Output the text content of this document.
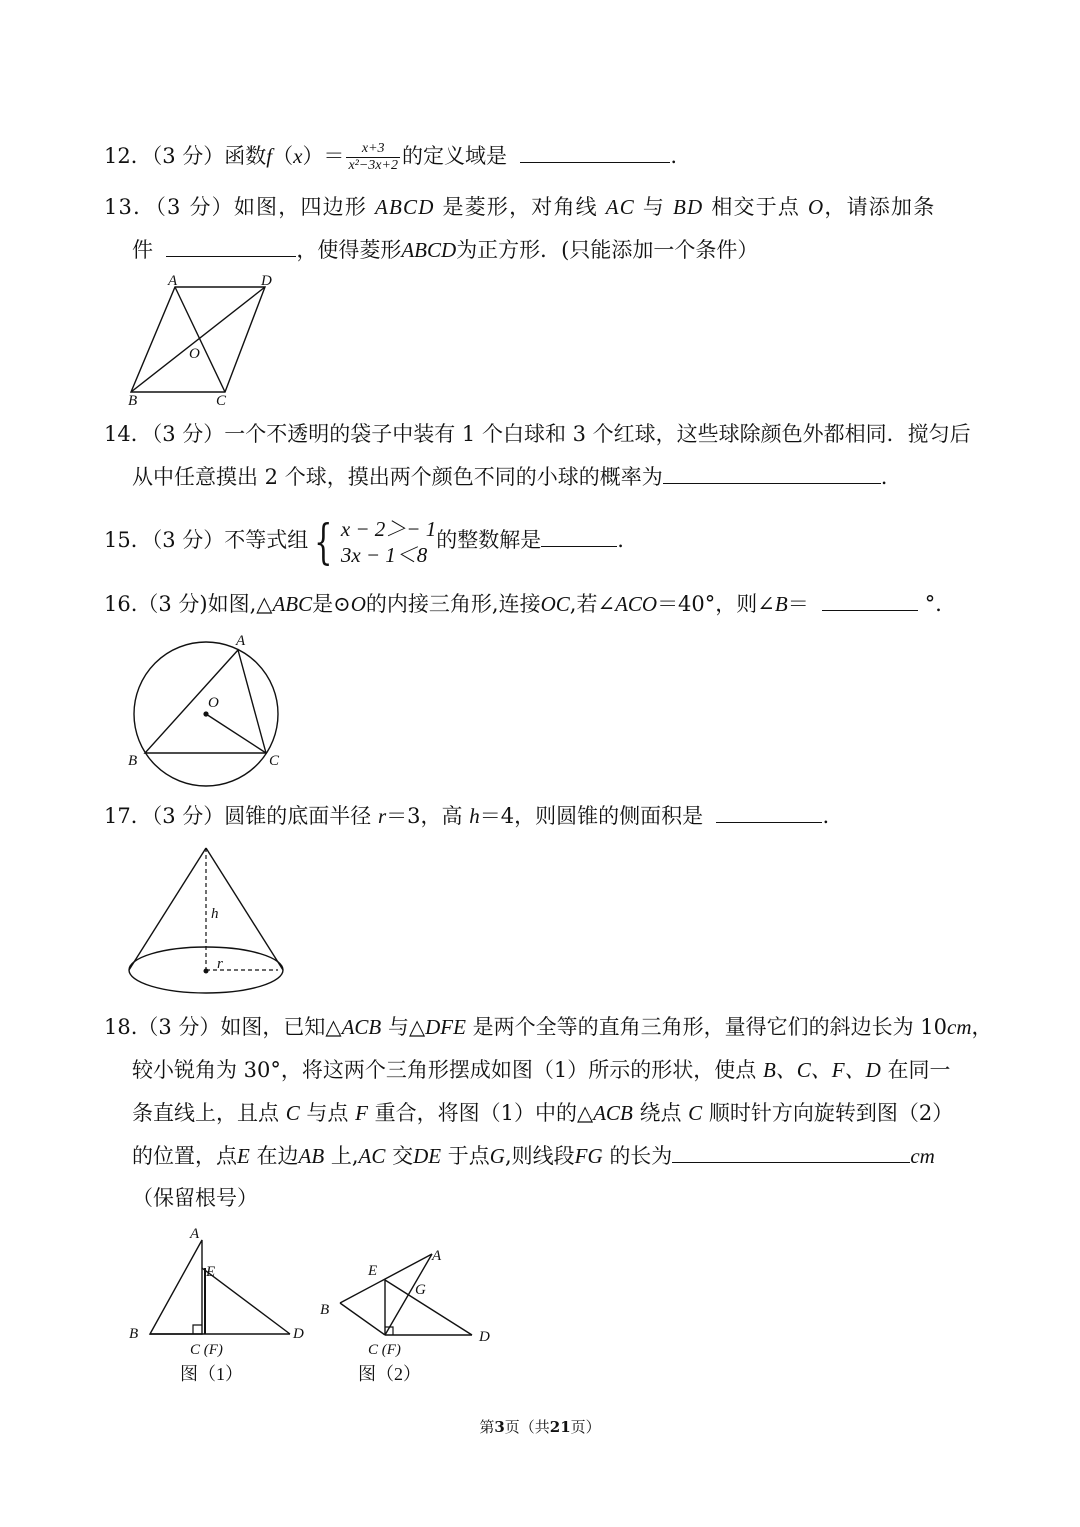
12．（3 分）函数$f(x)= \frac{x+3}{\text{x²−3x+2}}$ 的定义域是	.
13．（3 分）如图，四边形 ABCD 是菱形，对角线 AC 与 BD 相交于点 O，请添加条
件	，使得菱形ABCD为正方形．(只能添加一个条件）
A	D
O
B	C
14．（3 分）一个不透明的袋子中装有 1 个白球和 3 个红球，这些球除颜色外都相同．搅匀后
从中任意摸出 2 个球，摸出两个颜色不同的小球的概率为	.
15．（3 分）不等式组 { x − 2＞− 1
3x − 1＜8
的整数解是	.
16.（3 分)如图,△ABC是⊙O的内接三角形,连接OC,若∠ACO＝40°，则∠B＝	°．
A
O
B	C
17．（3 分）圆锥的底面半径 r＝3，高 h＝4，则圆锥的侧面积是	.
h
r
18.（3 分）如图，已知△ACB 与△DFE 是两个全等的直角三角形，量得它们的斜边长为 10cm，
较小锐角为 30°，将这两个三角形摆成如图（1）所示的形状，使点 B、C、F、D 在同一
条直线上，且点 C 与点 F 重合，将图（1）中的△ACB 绕点 C 顺时针方向旋转到图（2）
的位置，点E 在边AB 上,AC 交DE 于点G,则线段FG 的长为	cm
（保留根号）
A
E
B
C (F)
D
图（1）
E
A
G
B
C (F)
D
图（2）
第3页（共21页）
